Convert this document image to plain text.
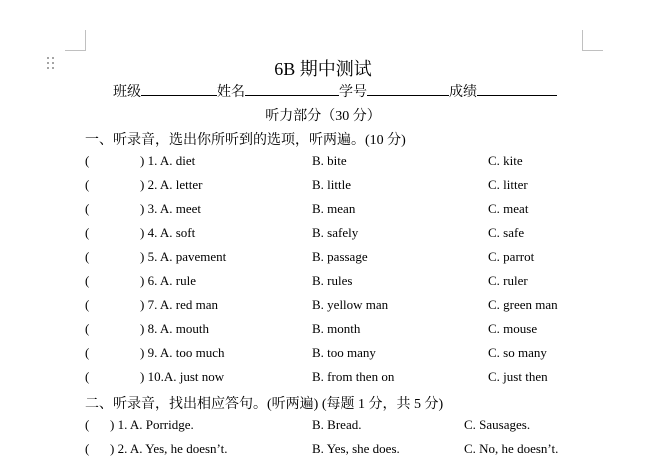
6B 期中测试
班级	姓名	学号	成绩
听力部分（30 分）
一、听录音，选出你所听到的选项，听两遍。(10 分)
(	) 1. A. diet	B. bite	C. kite
(	) 2. A. letter	B. little	C. litter
(	) 3. A. meet	B. mean	C. meat
(	) 4. A. soft	B. safely	C. safe
(	) 5. A. pavement	B. passage	C. parrot
(	) 6. A. rule	B. rules	C. ruler
(	) 7. A. red man	B. yellow man	C. green man
(	) 8. A. mouth	B. month	C. mouse
(	) 9. A. too much	B. too many	C. so many
(	) 10.A. just now	B. from then on	C. just then
二、听录音，找出相应答句。(听两遍) (每题 1 分，共 5 分)
( ) 1. A. Porridge.	B. Bread.	C. Sausages.
( ) 2. A. Yes, he doesn’t.	B. Yes, she does.	C. No, he doesn’t.
